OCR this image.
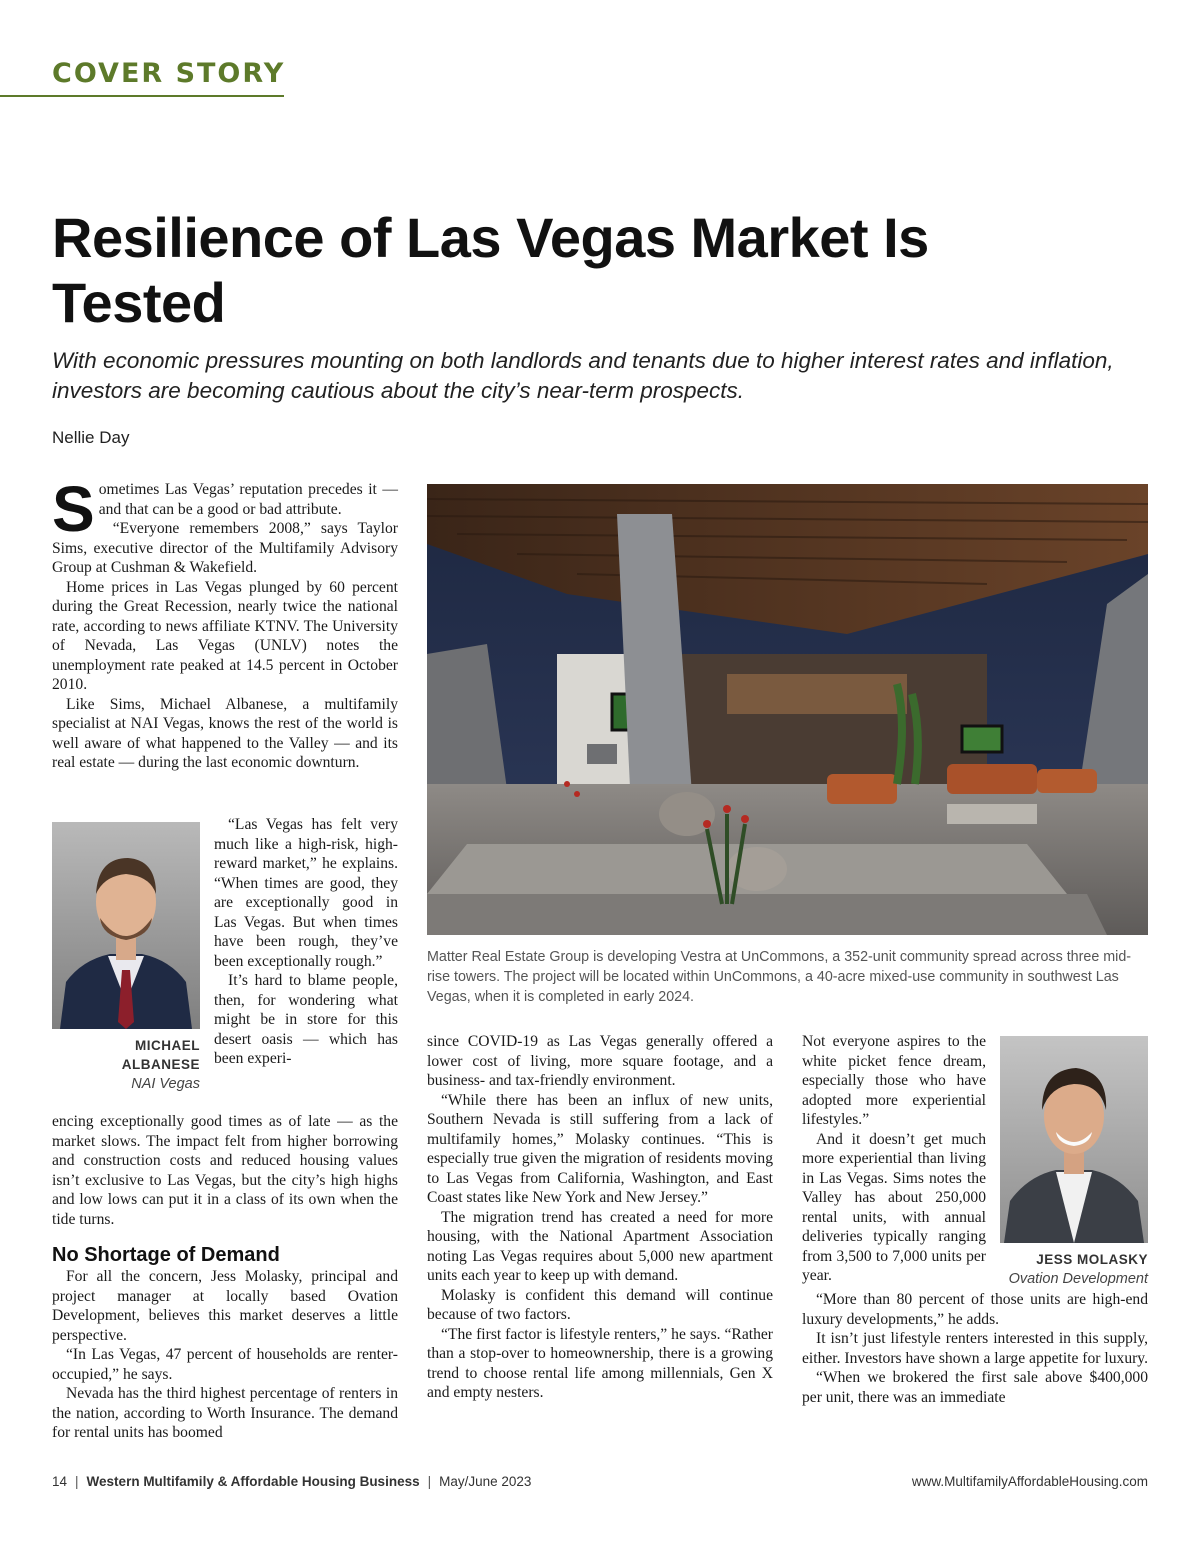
COVER STORY
Resilience of Las Vegas Market Is Tested
With economic pressures mounting on both landlords and tenants due to higher interest rates and inflation, investors are becoming cautious about the city’s near-term prospects.
Nellie Day
S ometimes Las Vegas’ reputation precedes it — and that can be a good or bad attribute.

“Everyone remembers 2008,” says Taylor Sims, executive director of the Multifamily Advisory Group at Cushman & Wakefield.

Home prices in Las Vegas plunged by 60 percent during the Great Recession, nearly twice the national rate, according to news affiliate KTNV. The University of Nevada, Las Vegas (UNLV) notes the unemployment rate peaked at 14.5 percent in October 2010.

Like Sims, Michael Albanese, a multifamily specialist at NAI Vegas, knows the rest of the world is well aware of what happened to the Valley — and its real estate — during the last economic downturn.

“Las Vegas has felt very much like a high-risk, high-reward market,” he explains. “When times are good, they are exceptionally good in Las Vegas. But when times have been rough, they’ve been exceptionally rough.”

It’s hard to blame people, then, for wondering what might be in store for this desert oasis — which has been experi-

MICHAEL
ALBANESE
NAI Vegas

encing exceptionally good times as of late — as the market slows. The impact felt from higher borrowing and construction costs and reduced housing values isn’t exclusive to Las Vegas, but the city’s high highs and low lows can put it in a class of its own when the tide turns.

No Shortage of Demand

For all the concern, Jess Molasky, principal and project manager at locally based Ovation Development, believes this market deserves a little perspective.

“In Las Vegas, 47 percent of households are renter-occupied,” he says.

Nevada has the third highest percentage of renters in the nation, according to Worth Insurance. The demand for rental units has boomed

Matter Real Estate Group is developing Vestra at UnCommons, a 352-unit community spread across three mid-rise towers. The project will be located within UnCommons, a 40-acre mixed-use community in southwest Las Vegas, when it is completed in early 2024.

since COVID-19 as Las Vegas generally offered a lower cost of living, more square footage, and a business- and tax-friendly environment.

“While there has been an influx of new units, Southern Nevada is still suffering from a lack of multifamily homes,” Molasky continues. “This is especially true given the migration of residents moving to Las Vegas from California, Washington, and East Coast states like New York and New Jersey.”

The migration trend has created a need for more housing, with the National Apartment Association noting Las Vegas requires about 5,000 new apartment units each year to keep up with demand.

Molasky is confident this demand will continue because of two factors.

“The first factor is lifestyle renters,” he says. “Rather than a stop-over to homeownership, there is a growing trend to choose rental life among millennials, Gen X and empty nesters.

Not everyone aspires to the white picket fence dream, especially those who have adopted more experiential lifestyles.”

And it doesn’t get much more experiential than living in Las Vegas. Sims notes the Valley has about 250,000 rental units, with annual deliveries typically ranging from 3,500 to 7,000 units per year.

JESS MOLASKY
Ovation Development

“More than 80 percent of those units are high-end luxury developments,” he adds.

It isn’t just lifestyle renters interested in this supply, either. Investors have shown a large appetite for luxury.

“When we brokered the first sale above $400,000 per unit, there was an immediate

14 | Western Multifamily & Affordable Housing Business | May/June 2023	www.MultifamilyAffordableHousing.com
